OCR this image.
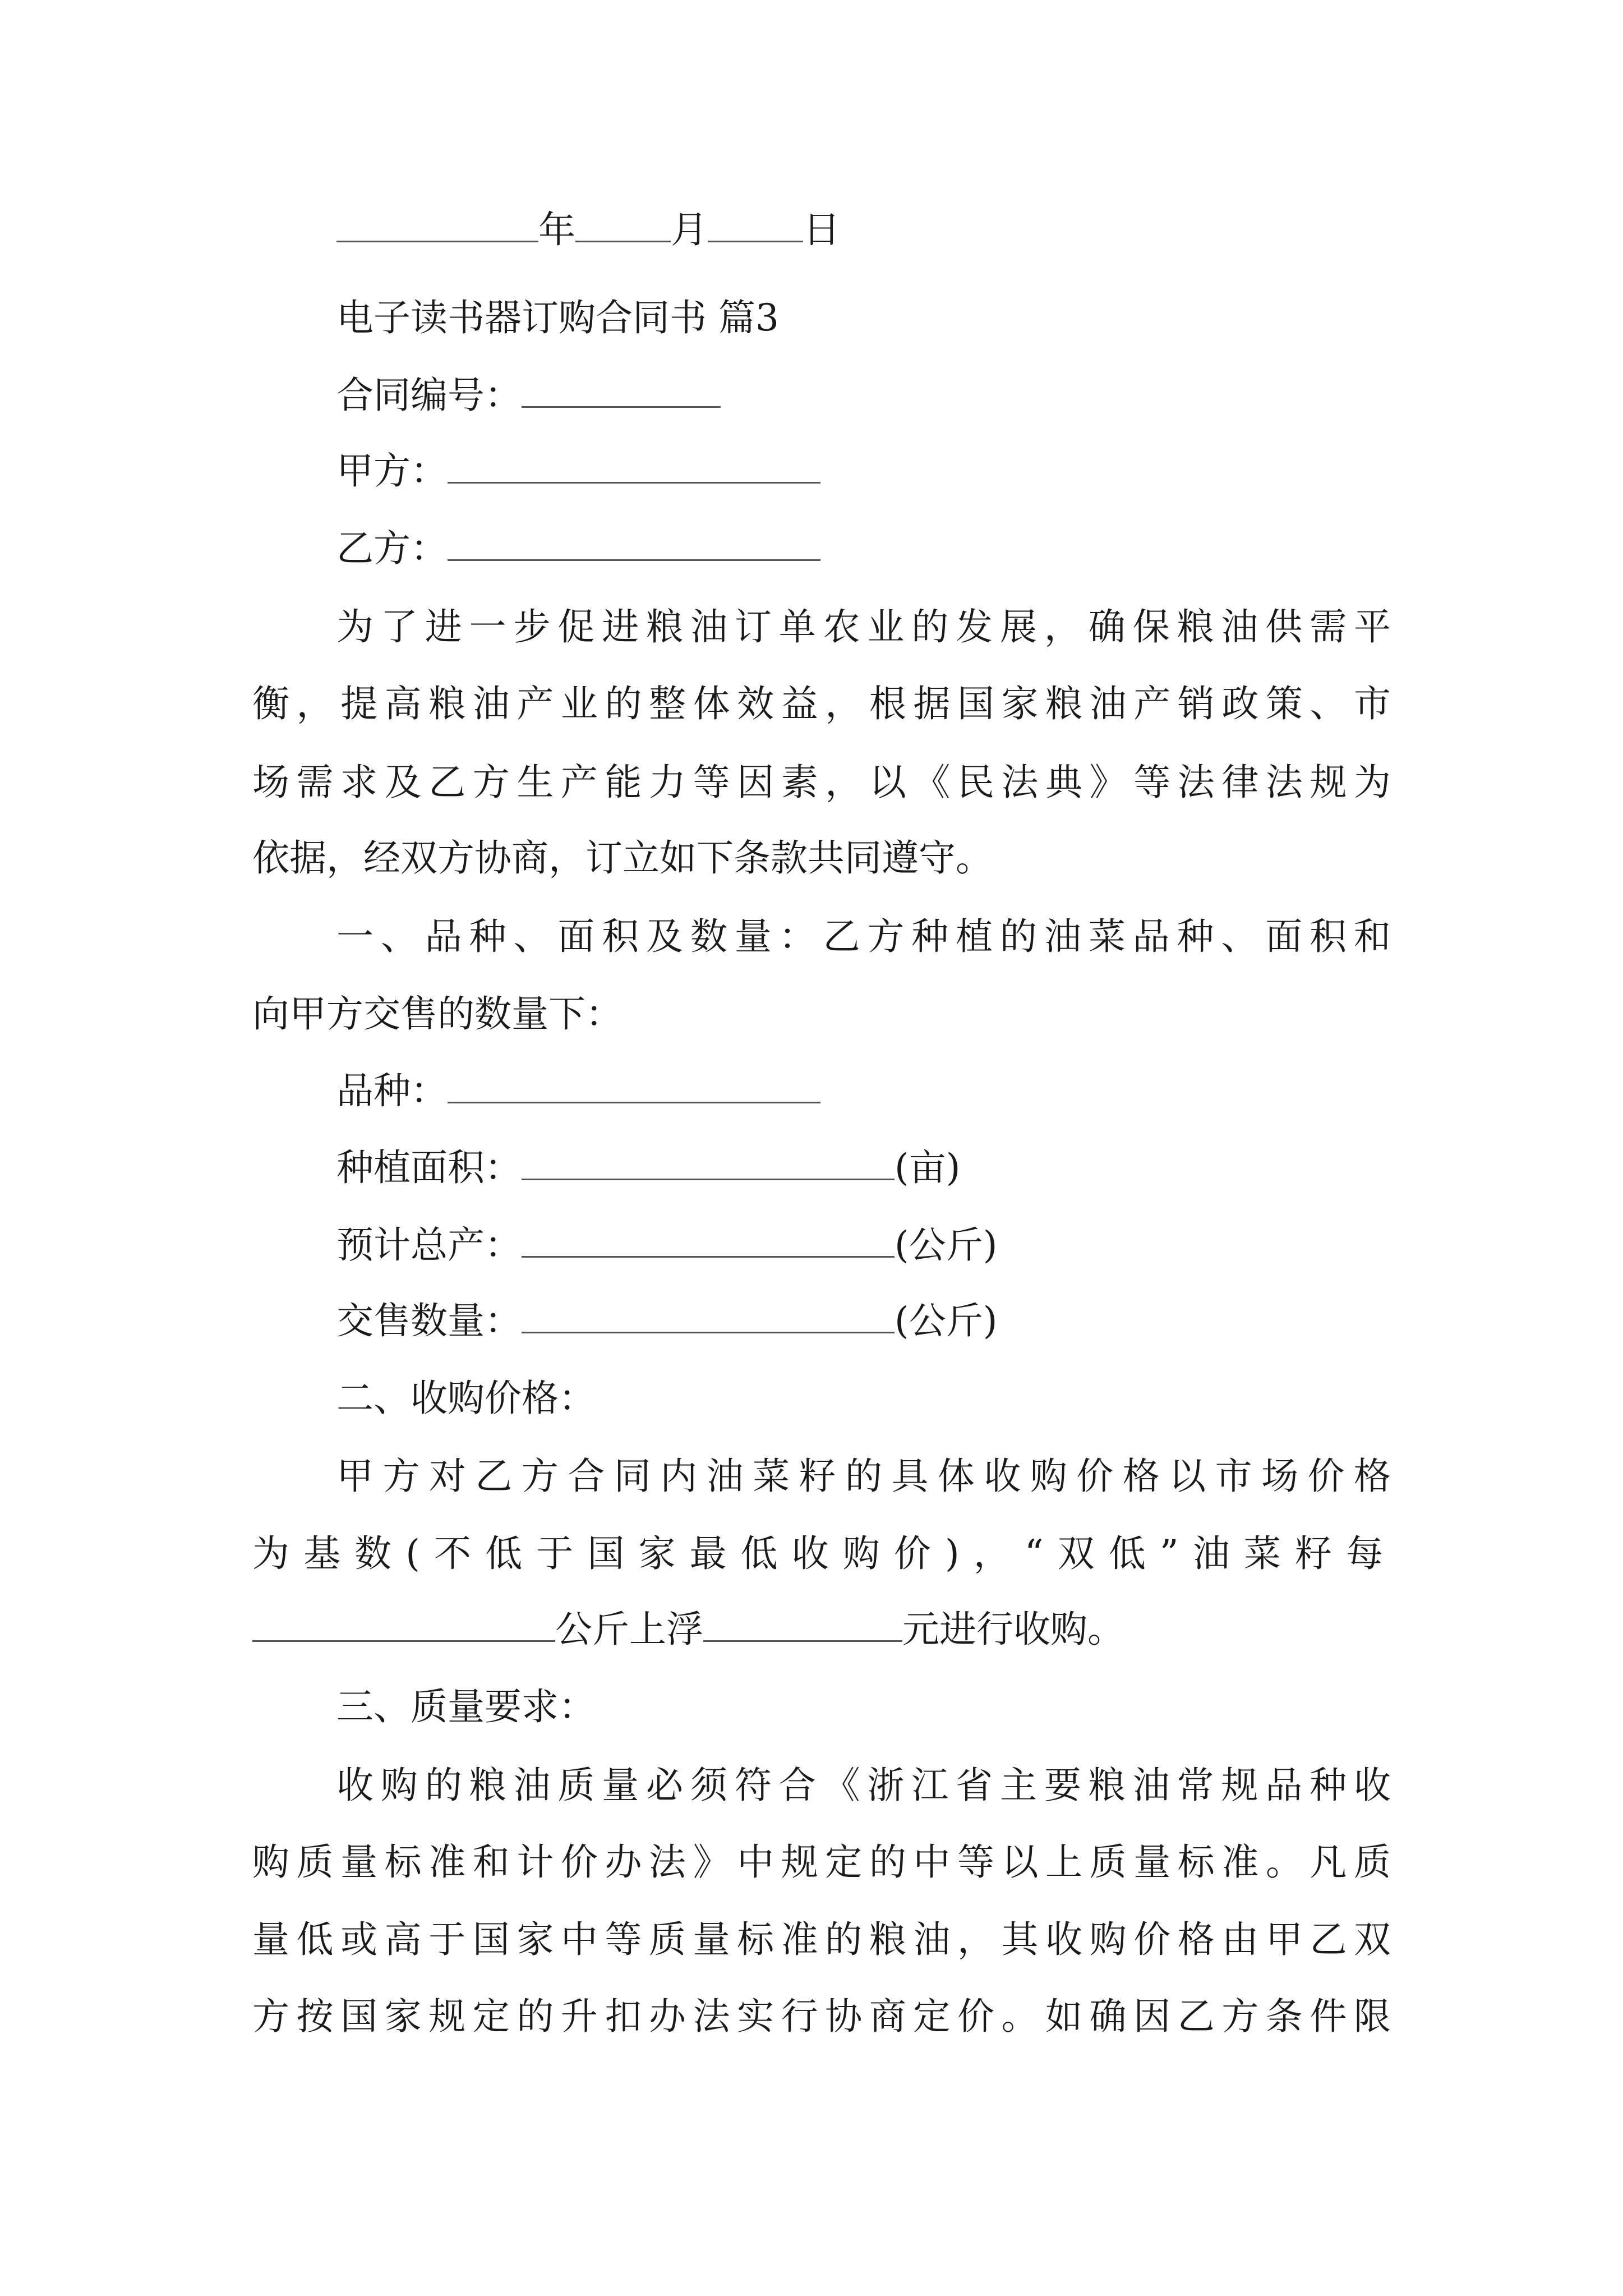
年	月	日
电子读书器订购合同书 篇3
合同编号：
甲方：
乙方：
为了进一步促进粮油订单农业的发展，确保粮油供需平
衡，提高粮油产业的整体效益，根据国家粮油产销政策、市
场需求及乙方生产能力等因素，以《民法典》等法律法规为
依据，经双方协商，订立如下条款共同遵守。
一、品种、面积及数量：乙方种植的油菜品种、面积和
向甲方交售的数量下：
品种：
种植面积：	(亩)
预计总产：	(公斤)
交售数量：	(公斤)
二、收购价格：
甲方对乙方合同内油菜籽的具体收购价格以市场价格
为基数(不低于国家最低收购价)，“双低”油菜籽每
公斤上浮	元进行收购。
三、质量要求：
收购的粮油质量必须符合《浙江省主要粮油常规品种收
购质量标准和计价办法》中规定的中等以上质量标准。凡质
量低或高于国家中等质量标准的粮油，其收购价格由甲乙双
方按国家规定的升扣办法实行协商定价。如确因乙方条件限
